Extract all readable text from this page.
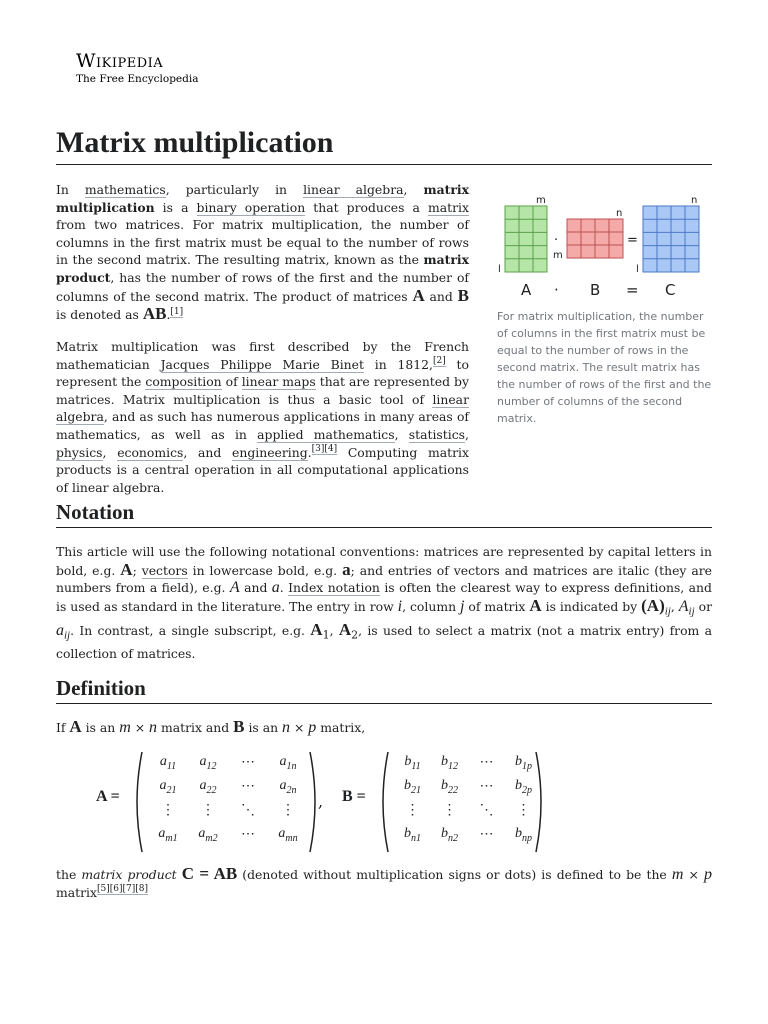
Wikipedia
The Free Encyclopedia
Matrix multiplication

In mathematics, particularly in linear algebra, matrix multiplication is a binary operation that produces a matrix from two matrices. For matrix multiplication, the number of columns in the first matrix must be equal to the number of rows in the second matrix. The resulting matrix, known as the matrix product, has the number of rows of the first and the number of columns of the second matrix. The product of matrices A and B is denoted as AB.[1]

Matrix multiplication was first described by the French mathematician Jacques Philippe Marie Binet in 1812,[2] to represent the composition of linear maps that are represented by matrices. Matrix multiplication is thus a basic tool of linear algebra, and as such has numerous applications in many areas of mathematics, as well as in applied mathematics, statistics, physics, economics, and engineering.[3][4] Computing matrix products is a central operation in all computational applications of linear algebra.

m
n
n
m
l	l
·	=
A · B = C
For matrix multiplication, the number of columns in the first matrix must be equal to the number of rows in the second matrix. The result matrix has the number of rows of the first and the number of columns of the second matrix.
Notation

This article will use the following notational conventions: matrices are represented by capital letters in bold, e.g. A; vectors in lowercase bold, e.g. a; and entries of vectors and matrices are italic (they are numbers from a field), e.g. A and a. Index notation is often the clearest way to express definitions, and is used as standard in the literature. The entry in row i, column j of matrix A is indicated by $(A)_{ij}$, $A_{ij}$ or $a_{ij}$. In contrast, a single subscript, e.g. $A_1$, $A_2$, is used to select a matrix (not a matrix entry) from a collection of matrices.

Definition

If A is an m × n matrix and B is an n × p matrix,

A =
$a_{11}$	$a_{12}$	⋯	$a_{1n}$
$a_{21}$	$a_{22}$	⋯	$a_{2n}$
⋮	⋮	⋱	⋮
$a_{m1}$	$a_{m2}$	⋯	$a_{mn}$
, B =
$b_{11}$	$b_{12}$	⋯	$b_{1p}$
$b_{21}$	$b_{22}$	⋯	$b_{2p}$
⋮	⋮	⋱	⋮
$b_{n1}$	$b_{n2}$	⋯	$b_{np}$

the matrix product C = AB (denoted without multiplication signs or dots) is defined to be the m × p matrix[5][6][7][8]
